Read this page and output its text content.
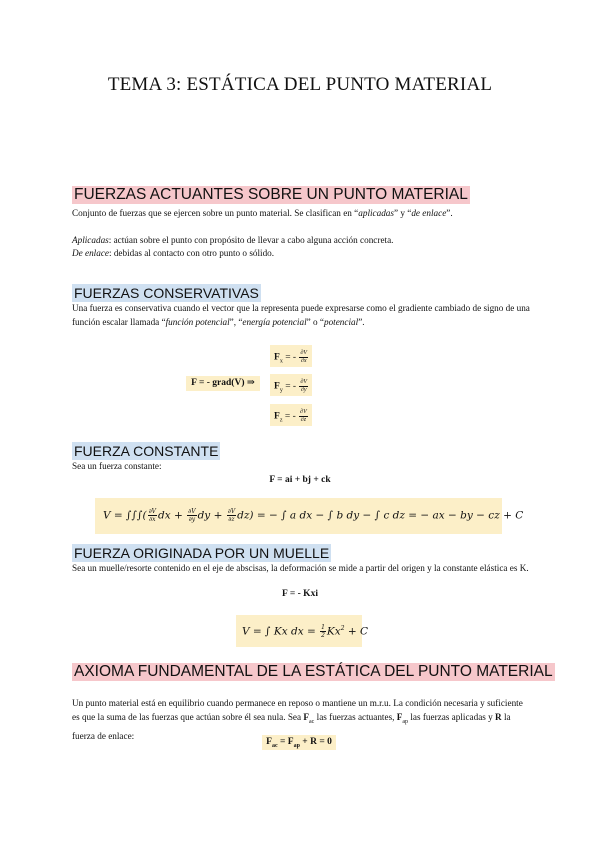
TEMA 3: ESTÁTICA DEL PUNTO MATERIAL
FUERZAS ACTUANTES SOBRE UN PUNTO MATERIAL
Conjunto de fuerzas que se ejercen sobre un punto material. Se clasifican en “aplicadas” y “de enlace”.
Aplicadas: actúan sobre el punto con propósito de llevar a cabo alguna acción concreta.
De enlace: debidas al contacto con otro punto o sólido.
FUERZAS CONSERVATIVAS
Una fuerza es conservativa cuando el vector que la representa puede expresarse como el gradiente cambiado de signo de una función escalar llamada “función potencial”, “energía potencial” o “potencial”.
F = - grad(V) ⇒
$F_x$ = - $\frac{\partial V}{\partial x}$
$F_y$ = - $\frac{\partial V}{\partial y}$
$F_z$ = - $\frac{\partial V}{\partial z}$
FUERZA CONSTANTE
Sea un fuerza constante:
F = ai + bj + ck
V = ∫∫∫( $\frac{\partial V}{\partial x}$ dx + $\frac{\partial V}{\partial y}$ dy + $\frac{\partial V}{\partial z} dz$) = − ∫ a dx − ∫ b dy − ∫ c dz = − ax − by − cz + C
FUERZA ORIGINADA POR UN MUELLE
Sea un muelle/resorte contenido en el eje de abscisas, la deformación se mide a partir del origen y la constante elástica es K.
F = - Kxi
V = ∫ Kx dx = $\frac{1}{2} Kx^2 + C$
AXIOMA FUNDAMENTAL DE LA ESTÁTICA DEL PUNTO MATERIAL
Un punto material está en equilibrio cuando permanece en reposo o mantiene un m.r.u. La condición necesaria y suficiente es que la suma de las fuerzas que actúan sobre él sea nula. Sea $F_{ac}$ las fuerzas actuantes, $F_{ap}$ las fuerzas aplicadas y R la fuerza de enlace:
$F_{ac} = F_{ap} + R = 0$
